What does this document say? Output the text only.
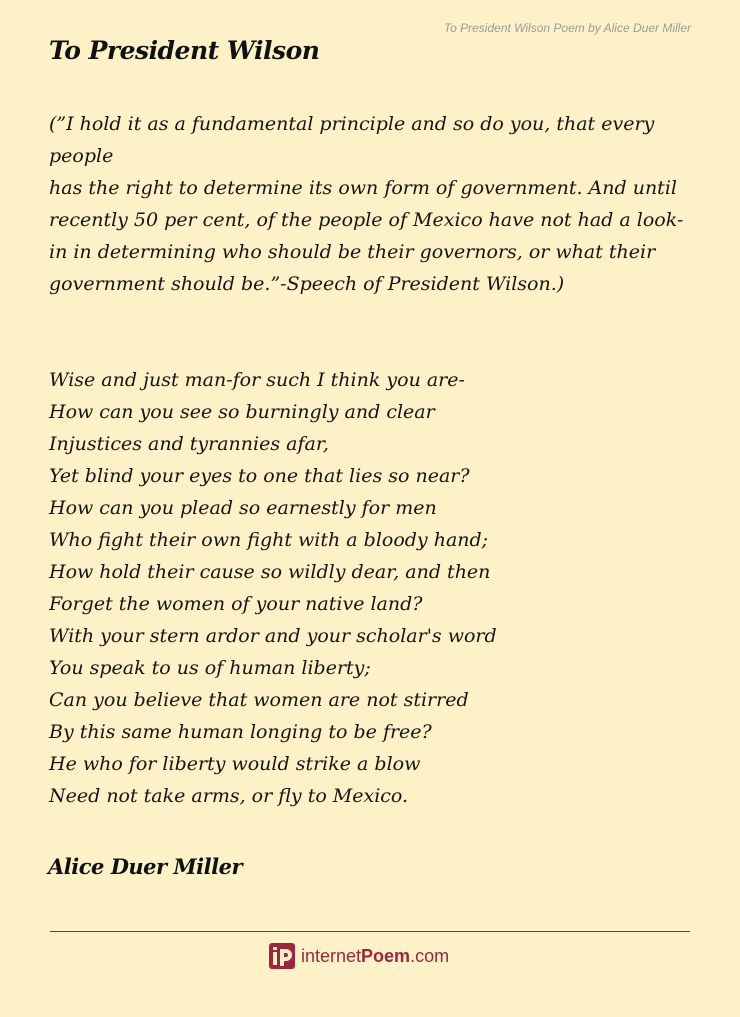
To President Wilson Poem by Alice Duer Miller
To President Wilson
(”I hold it as a fundamental principle and so do you, that every people
has the right to determine its own form of government. And until recently 50 per cent, of the people of Mexico have not had a look-in in determining who should be their governors, or what their government should be.”-Speech of President Wilson.)
Wise and just man-for such I think you are-
How can you see so burningly and clear
Injustices and tyrannies afar,
Yet blind your eyes to one that lies so near?
How can you plead so earnestly for men
Who fight their own fight with a bloody hand;
How hold their cause so wildly dear, and then
Forget the women of your native land?
With your stern ardor and your scholar's word
You speak to us of human liberty;
Can you believe that women are not stirred
By this same human longing to be free?
He who for liberty would strike a blow
Need not take arms, or fly to Mexico.
Alice Duer Miller
internetPoem.com
